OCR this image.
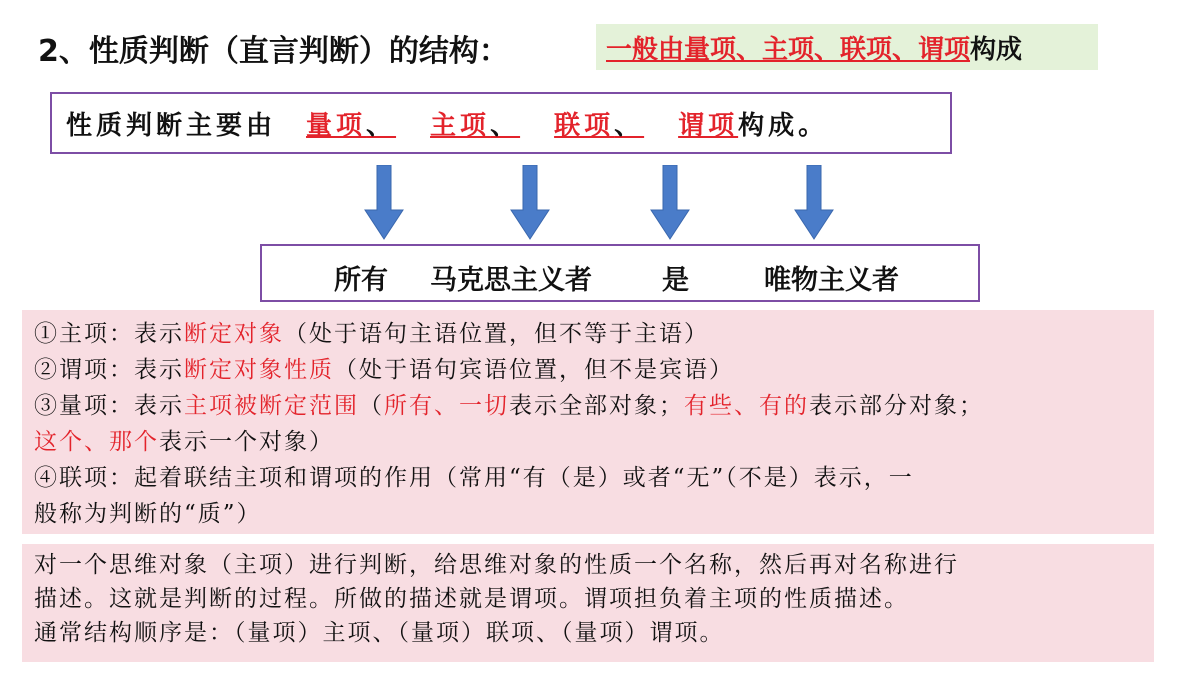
2、性质判断（直言判断）的结构：	一般由量项、主项、联项、谓项 构成
性质判断主要由	量项、 主项、 联项、 谓项 构成。
所有 马克思主义者	是	唯物主义者
①主项：表示断定对象（处于语句主语位置，但不等于主语）
②谓项：表示断定对象性质（处于语句宾语位置，但不是宾语）
③量项：表示主项被断定范围（所有、一切表示全部对象；有些、有的表示部分对象；
这个、那个表示一个对象）
④联项：起着联结主项和谓项的作用（常用“有（是）或者“无”（不是）表示，一
般称为判断的“质”）
对一个思维对象（主项）进行判断，给思维对象的性质一个名称，然后再对名称进行
描述。这就是判断的过程。所做的描述就是谓项。谓项担负着主项的性质描述。
通常结构顺序是：（量项）主项、（量项）联项、（量项）谓项。
